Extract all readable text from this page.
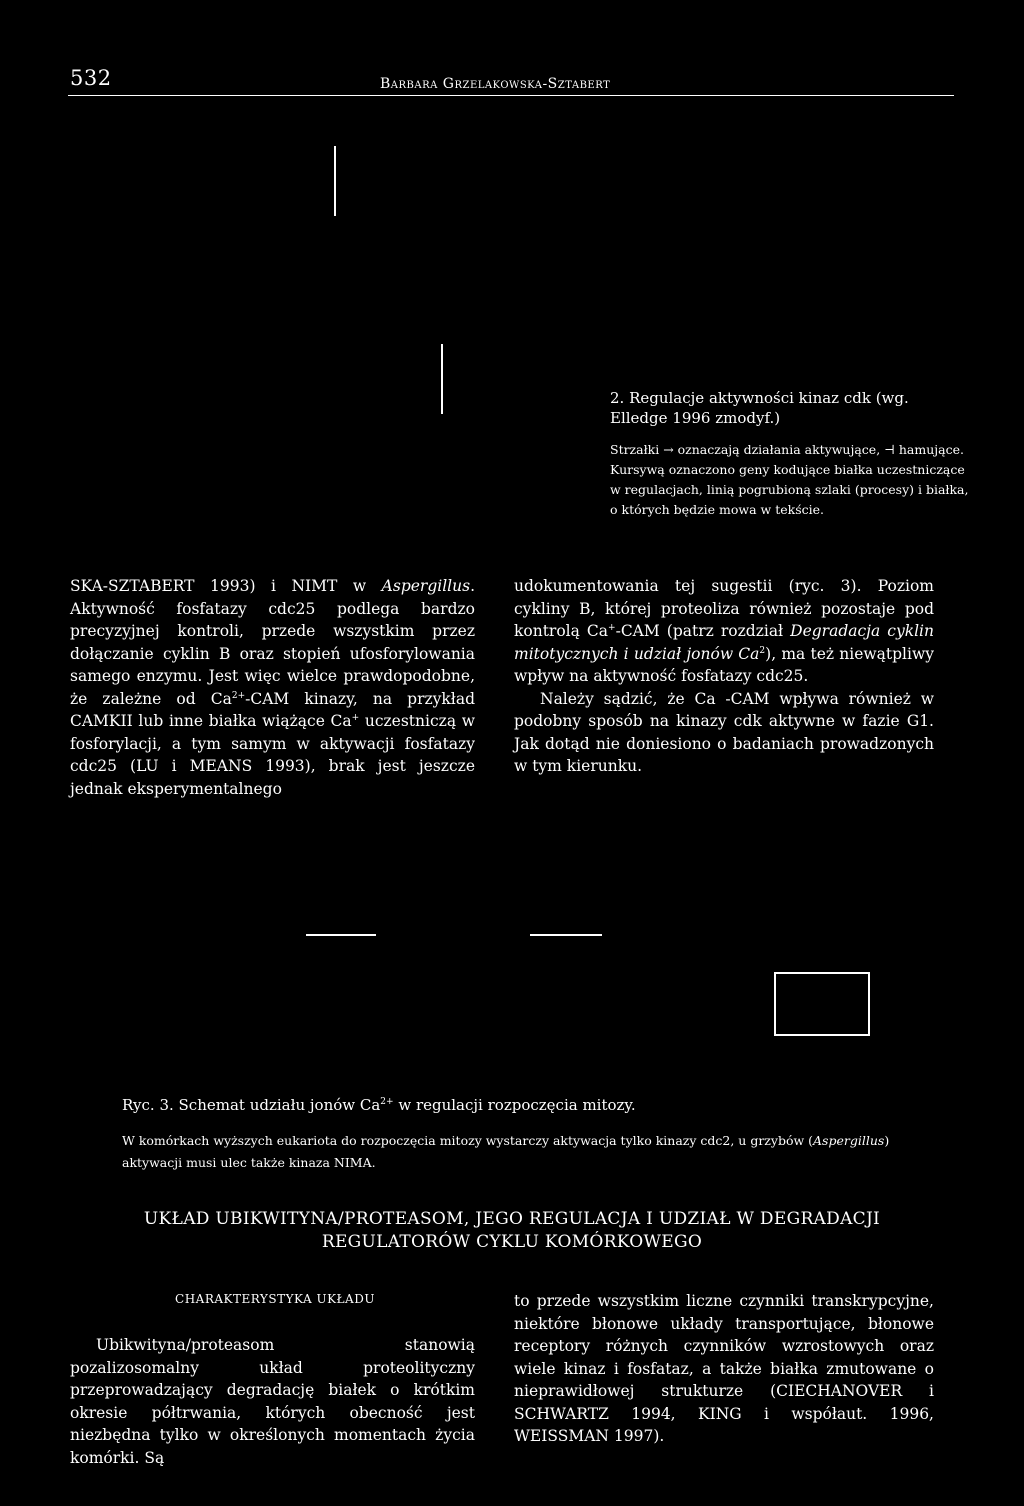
532	Barbara Grzelakowska-Sztabert
2. Regulacje aktywności kinaz cdk (wg. Elledge 1996 zmodyf.)
Strzałki → oznaczają działania aktywujące, ⊣ hamujące. Kursywą oznaczono geny kodujące białka uczestniczące w regulacjach, linią pogrubioną szlaki (procesy) i białka, o których będzie mowa w tekście.

SKA-SZTABERT 1993) i NIMT w Aspergillus. Aktywność fosfatazy cdc25 podlega bardzo precyzyjnej kontroli, przede wszystkim przez dołączanie cyklin B oraz stopień ufosforylowania samego enzymu. Jest więc wielce prawdopodobne, że zależne od $Ca^{2+}$-CAM kinazy, na przykład CAMKII lub inne białka wiążące Ca+ uczestniczą w fosforylacji, a tym samym w aktywacji fosfatazy cdc25 (LU i MEANS 1993), brak jest jeszcze jednak eksperymentalnego

udokumentowania tej sugestii (ryc. 3). Poziom cykliny B, której proteoliza również pozostaje pod kontrolą Ca+-CAM (patrz rozdział Degradacja cyklin mitotycznych i udział jonów Ca$^2$), ma też niewątpliwy wpływ na aktywność fosfatazy cdc25.

Należy sądzić, że Ca -CAM wpływa również w podobny sposób na kinazy cdk aktywne w fazie G1. Jak dotąd nie doniesiono o badaniach prowadzonych w tym kierunku.

Ryc. 3. Schemat udziału jonów $Ca^{2+}$ w regulacji rozpoczęcia mitozy.
W komórkach wyższych eukariota do rozpoczęcia mitozy wystarczy aktywacja tylko kinazy cdc2, u grzybów (Aspergillus) aktywacji musi ulec także kinaza NIMA.
UKŁAD UBIKWITYNA/PROTEASOM, JEGO REGULACJA I UDZIAŁ W DEGRADACJI
REGULATORÓW CYKLU KOMÓRKOWEGO
CHARAKTERYSTYKA UKŁADU
Ubikwityna/proteasom stanowią pozalizosomalny układ proteolityczny przeprowadzający degradację białek o krótkim okresie półtrwania, których obecność jest niezbędna tylko w określonych momentach życia komórki. Są
to przede wszystkim liczne czynniki transkrypcyjne, niektóre błonowe układy transportujące, błonowe receptory różnych czynników wzrostowych oraz wiele kinaz i fosfataz, a także białka zmutowane o nieprawidłowej strukturze (CIECHANOVER i SCHWARTZ 1994, KING i współaut. 1996, WEISSMAN 1997).
